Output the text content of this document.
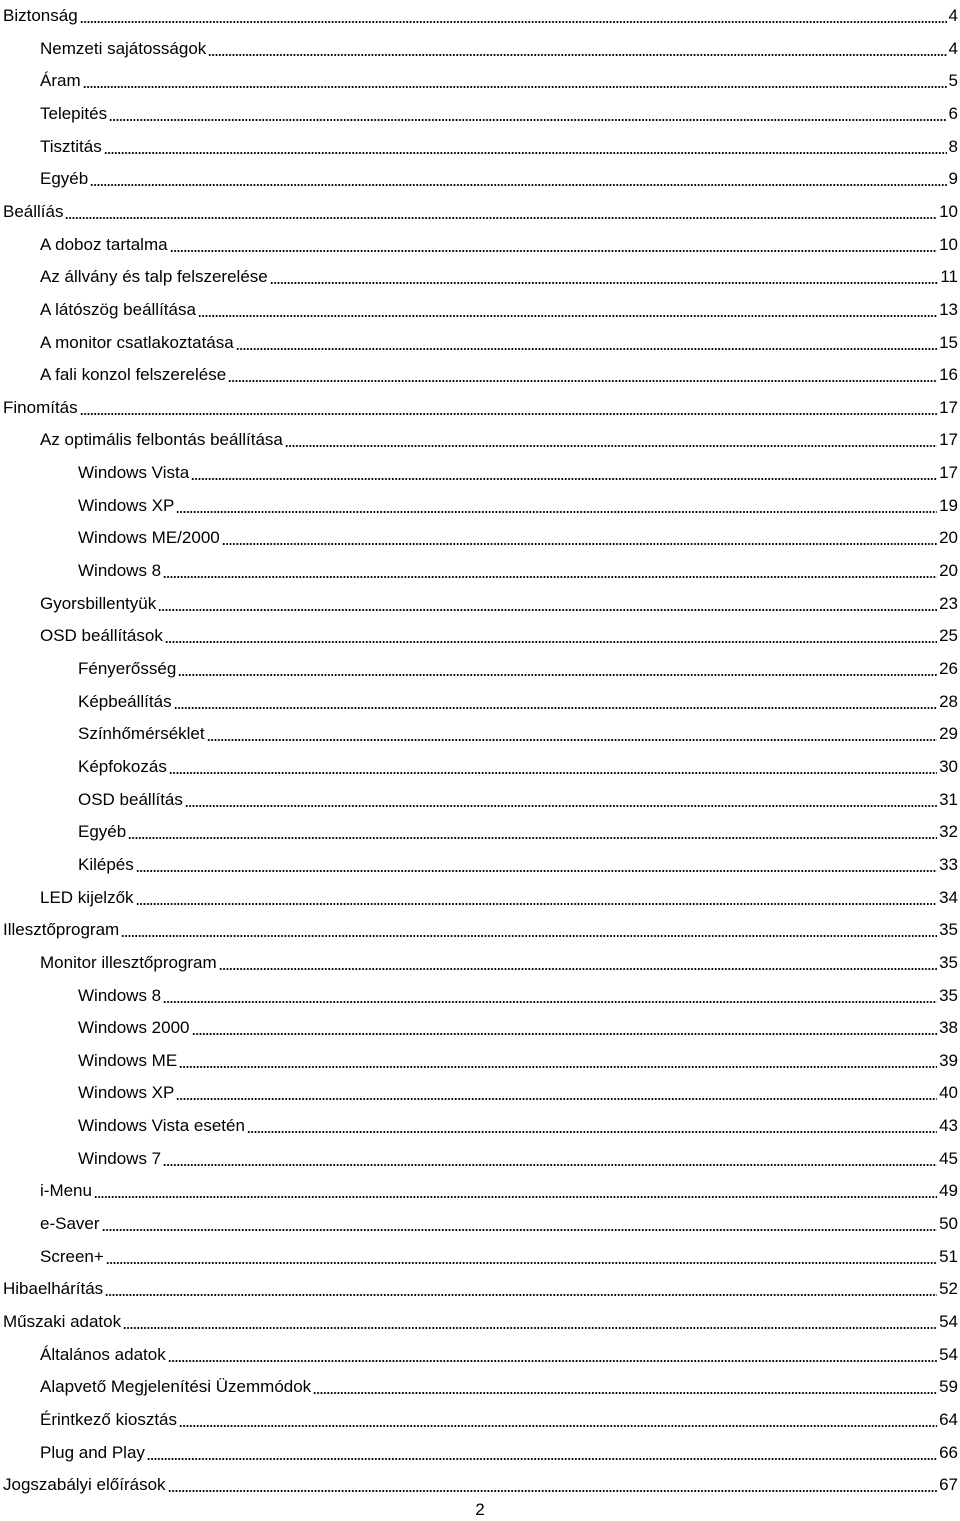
Biztonság	4
Nemzeti sajátosságok	4
Áram	5
Telepités	6
Tisztitás	8
Egyéb	9
Beállíás	10
A doboz tartalma	10
Az állvány és talp felszerelése	11
A látószög beállítása	13
A monitor csatlakoztatása	15
A fali konzol felszerelése	16
Finomítás	17
Az optimális felbontás beállítása	17
Windows Vista	17
Windows XP	19
Windows ME/2000	20
Windows 8	20
Gyorsbillentyük	23
OSD beállítások	25
Fényerősség	26
Képbeállítás	28
Színhőmérséklet	29
Képfokozás	30
OSD beállítás	31
Egyéb	32
Kilépés	33
LED kijelzők	34
Illesztőprogram	35
Monitor illesztőprogram	35
Windows 8	35
Windows 2000	38
Windows ME	39
Windows XP	40
Windows Vista esetén	43
Windows 7	45
i-Menu	49
e-Saver	50
Screen+	51
Hibaelhárítás	52
Műszaki adatok	54
Általános adatok	54
Alapvető Megjelenítési Üzemmódok	59
Érintkező kiosztás	64
Plug and Play	66
Jogszabályi előírások	67
2
